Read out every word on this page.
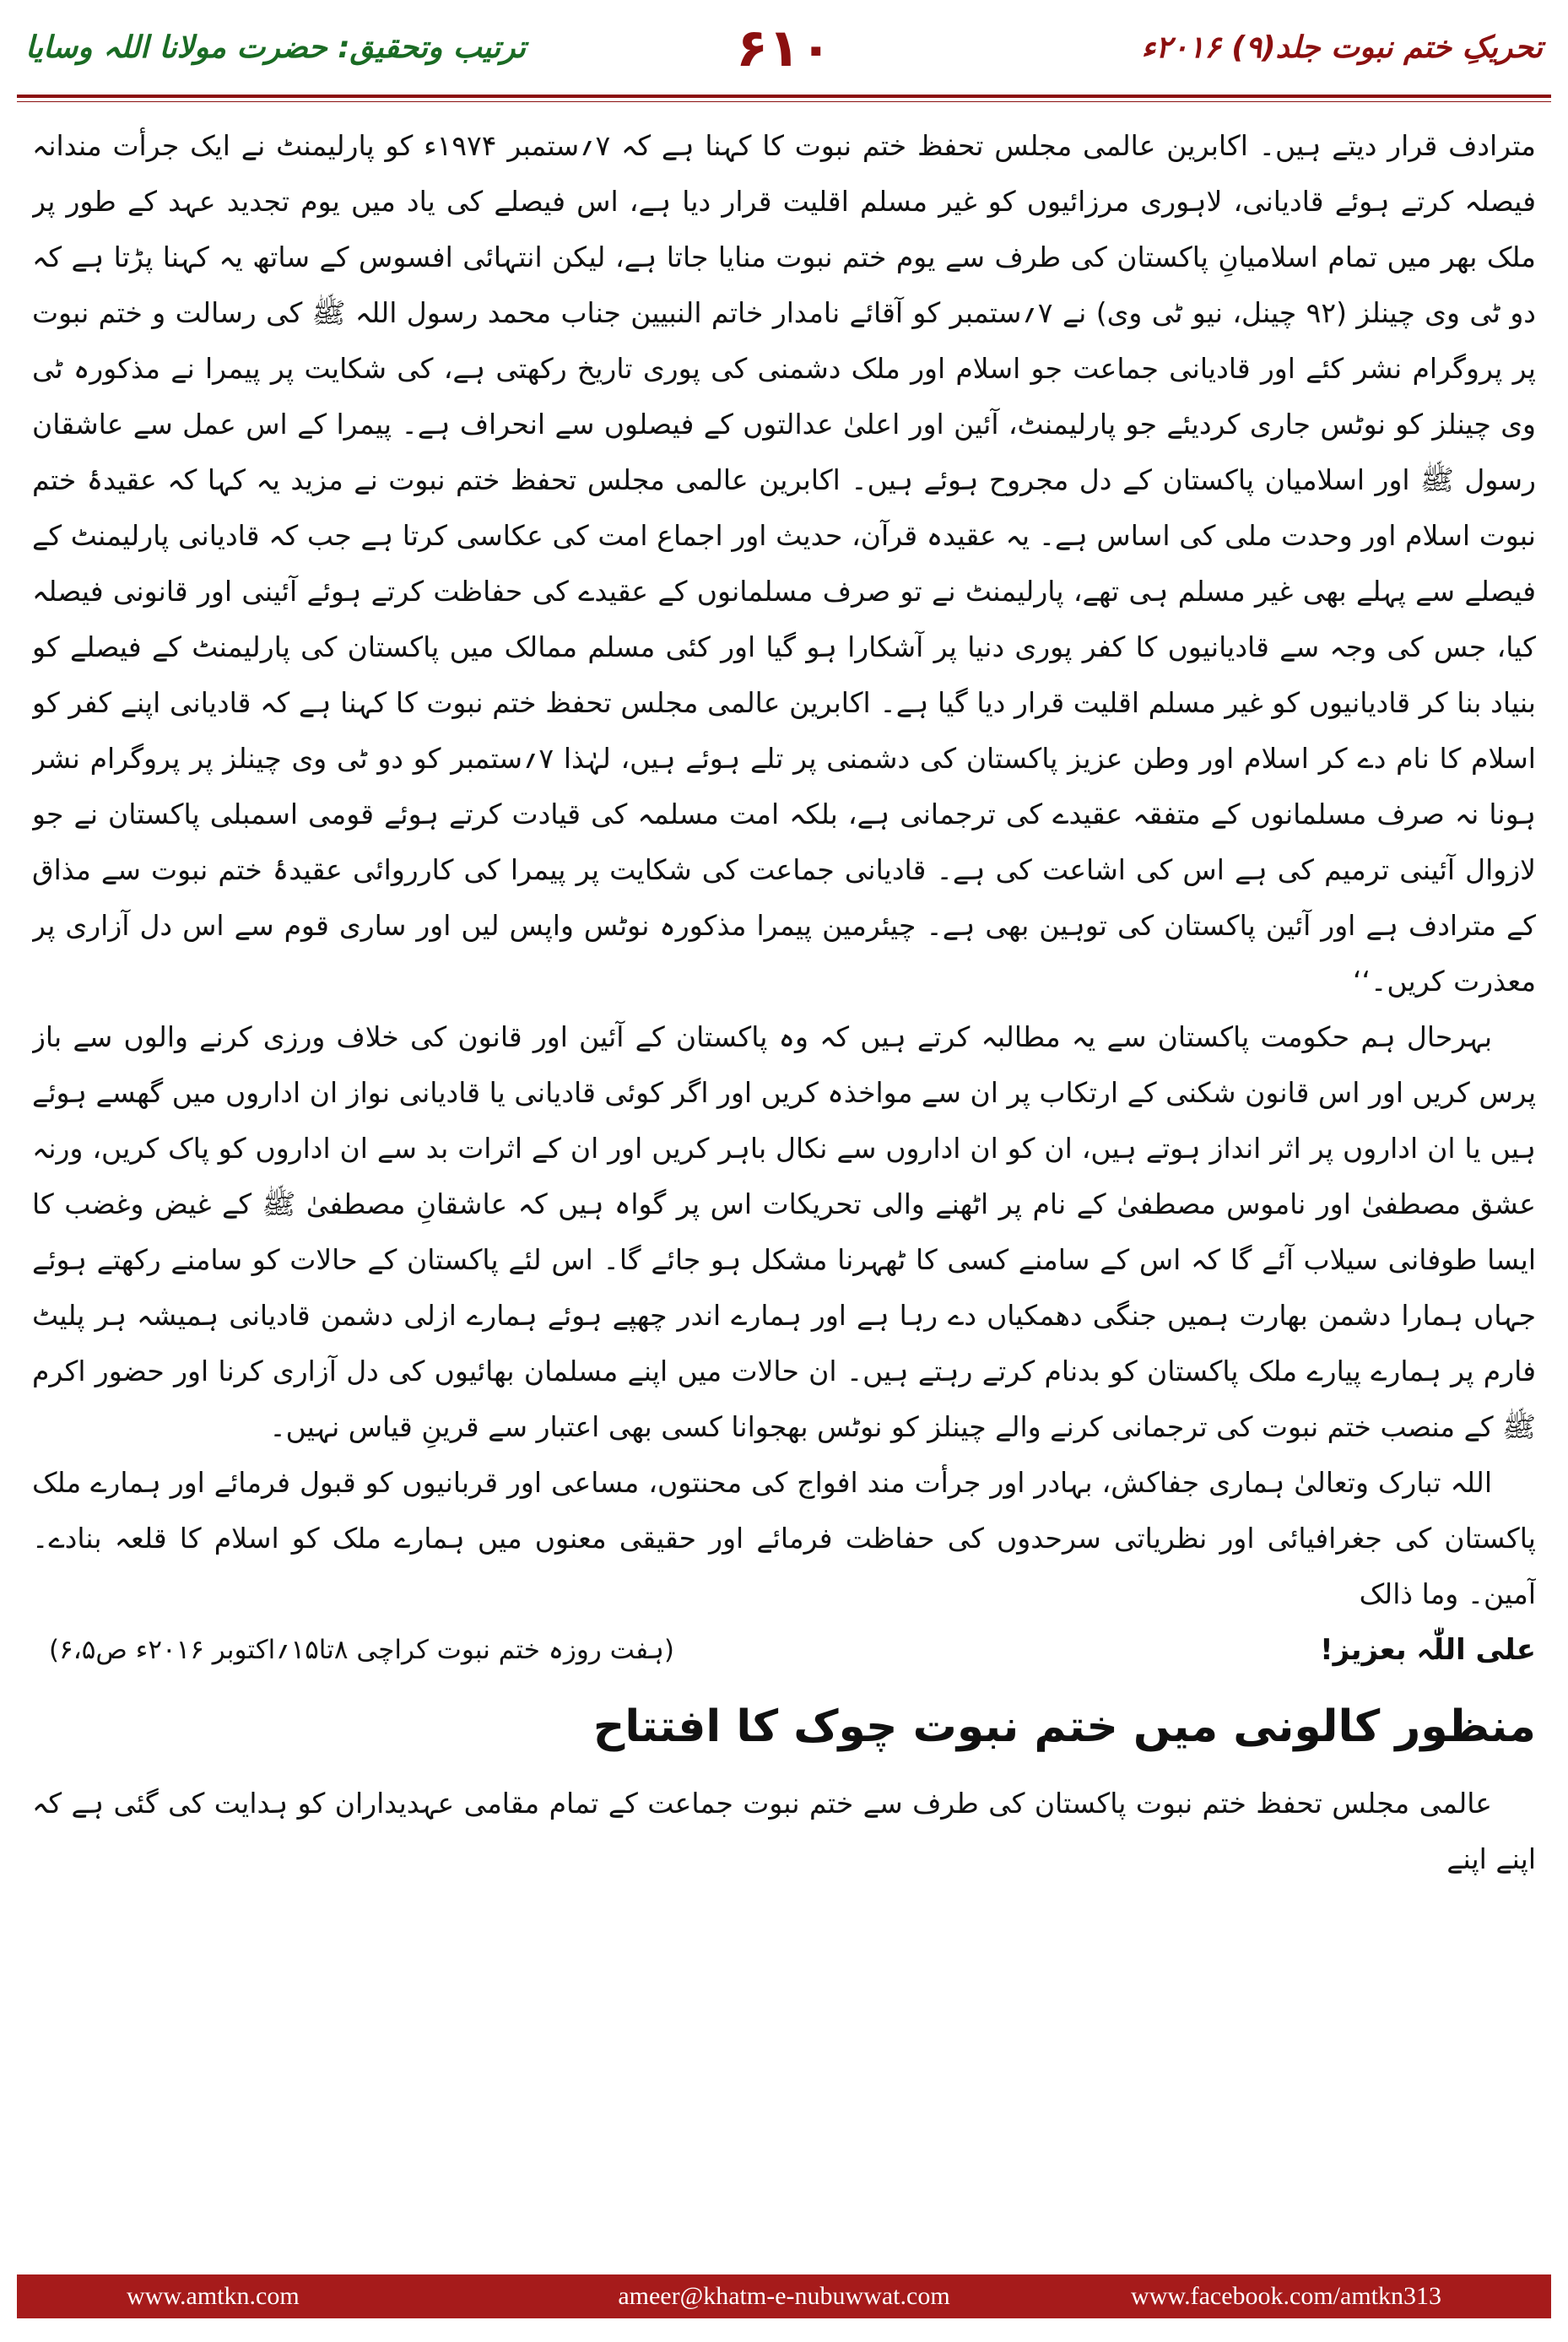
تحریکِ ختم نبوت جلد(۹) ۲۰۱۶ء
۶۱۰
ترتیب وتحقیق: حضرت مولانا اللہ وسایا

مترادف قرار دیتے ہیں۔ اکابرین عالمی مجلس تحفظ ختم نبوت کا کہنا ہے کہ ۷؍ستمبر ۱۹۷۴ء کو پارلیمنٹ نے ایک جرأت مندانہ فیصلہ کرتے ہوئے قادیانی، لاہوری مرزائیوں کو غیر مسلم اقلیت قرار دیا ہے، اس فیصلے کی یاد میں یوم تجدید عہد کے طور پر ملک بھر میں تمام اسلامیانِ پاکستان کی طرف سے یوم ختم نبوت منایا جاتا ہے، لیکن انتہائی افسوس کے ساتھ یہ کہنا پڑتا ہے کہ دو ٹی وی چینلز (۹۲ چینل، نیو ٹی وی) نے ۷؍ستمبر کو آقائے نامدار خاتم النبیین جناب محمد رسول اللہ ﷺ کی رسالت و ختم نبوت پر پروگرام نشر کئے اور قادیانی جماعت جو اسلام اور ملک دشمنی کی پوری تاریخ رکھتی ہے، کی شکایت پر پیمرا نے مذکورہ ٹی وی چینلز کو نوٹس جاری کردیئے جو پارلیمنٹ، آئین اور اعلیٰ عدالتوں کے فیصلوں سے انحراف ہے۔ پیمرا کے اس عمل سے عاشقان رسول ﷺ اور اسلامیان پاکستان کے دل مجروح ہوئے ہیں۔ اکابرین عالمی مجلس تحفظ ختم نبوت نے مزید یہ کہا کہ عقیدۂ ختم نبوت اسلام اور وحدت ملی کی اساس ہے۔ یہ عقیدہ قرآن، حدیث اور اجماع امت کی عکاسی کرتا ہے جب کہ قادیانی پارلیمنٹ کے فیصلے سے پہلے بھی غیر مسلم ہی تھے، پارلیمنٹ نے تو صرف مسلمانوں کے عقیدے کی حفاظت کرتے ہوئے آئینی اور قانونی فیصلہ کیا، جس کی وجہ سے قادیانیوں کا کفر پوری دنیا پر آشکارا ہو گیا اور کئی مسلم ممالک میں پاکستان کی پارلیمنٹ کے فیصلے کو بنیاد بنا کر قادیانیوں کو غیر مسلم اقلیت قرار دیا گیا ہے۔ اکابرین عالمی مجلس تحفظ ختم نبوت کا کہنا ہے کہ قادیانی اپنے کفر کو اسلام کا نام دے کر اسلام اور وطن عزیز پاکستان کی دشمنی پر تلے ہوئے ہیں، لہٰذا ۷؍ستمبر کو دو ٹی وی چینلز پر پروگرام نشر ہونا نہ صرف مسلمانوں کے متفقہ عقیدے کی ترجمانی ہے، بلکہ امت مسلمہ کی قیادت کرتے ہوئے قومی اسمبلی پاکستان نے جو لازوال آئینی ترمیم کی ہے اس کی اشاعت کی ہے۔ قادیانی جماعت کی شکایت پر پیمرا کی کارروائی عقیدۂ ختم نبوت سے مذاق کے مترادف ہے اور آئین پاکستان کی توہین بھی ہے۔ چیئرمین پیمرا مذکورہ نوٹس واپس لیں اور ساری قوم سے اس دل آزاری پر معذرت کریں۔‘‘

بہرحال ہم حکومت پاکستان سے یہ مطالبہ کرتے ہیں کہ وہ پاکستان کے آئین اور قانون کی خلاف ورزی کرنے والوں سے باز پرس کریں اور اس قانون شکنی کے ارتکاب پر ان سے مواخذہ کریں اور اگر کوئی قادیانی یا قادیانی نواز ان اداروں میں گھسے ہوئے ہیں یا ان اداروں پر اثر انداز ہوتے ہیں، ان کو ان اداروں سے نکال باہر کریں اور ان کے اثرات بد سے ان اداروں کو پاک کریں، ورنہ عشق مصطفیٰ اور ناموس مصطفیٰ کے نام پر اٹھنے والی تحریکات اس پر گواہ ہیں کہ عاشقانِ مصطفیٰ ﷺ کے غیض وغضب کا ایسا طوفانی سیلاب آئے گا کہ اس کے سامنے کسی کا ٹھہرنا مشکل ہو جائے گا۔ اس لئے پاکستان کے حالات کو سامنے رکھتے ہوئے جہاں ہمارا دشمن بھارت ہمیں جنگی دھمکیاں دے رہا ہے اور ہمارے اندر چھپے ہوئے ہمارے ازلی دشمن قادیانی ہمیشہ ہر پلیٹ فارم پر ہمارے پیارے ملک پاکستان کو بدنام کرتے رہتے ہیں۔ ان حالات میں اپنے مسلمان بھائیوں کی دل آزاری کرنا اور حضور اکرم ﷺ کے منصب ختم نبوت کی ترجمانی کرنے والے چینلز کو نوٹس بھجوانا کسی بھی اعتبار سے قرینِ قیاس نہیں۔

اللہ تبارک وتعالیٰ ہماری جفاکش، بہادر اور جرأت مند افواج کی محنتوں، مساعی اور قربانیوں کو قبول فرمائے اور ہمارے ملک پاکستان کی جغرافیائی اور نظریاتی سرحدوں کی حفاظت فرمائے اور حقیقی معنوں میں ہمارے ملک کو اسلام کا قلعہ بنادے۔ آمین۔ وما ذالک

علی اللّٰہ بعزیز!
(ہفت روزہ ختم نبوت کراچی ۸تا۱۵؍اکتوبر ۲۰۱۶ء ص۶،۵)
منظور کالونی میں ختم نبوت چوک کا افتتاح

عالمی مجلس تحفظ ختم نبوت پاکستان کی طرف سے ختم نبوت جماعت کے تمام مقامی عہدیداران کو ہدایت کی گئی ہے کہ اپنے اپنے

www.amtkn.com	ameer@khatm-e-nubuwwat.com	www.facebook.com/amtkn313
